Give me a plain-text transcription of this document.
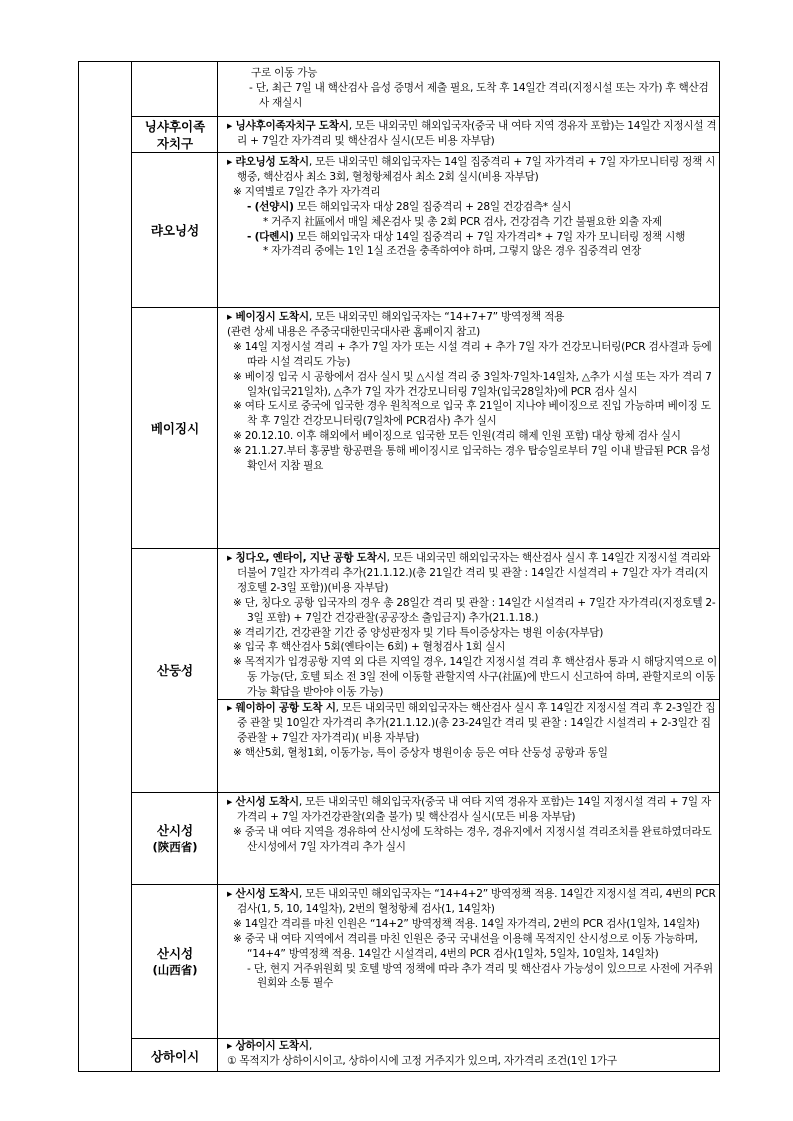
구로 이동 가능

- 단, 최근 7일 내 핵산검사 음성 증명서 제출 필요, 도착 후 14일간 격리(지정시설 또는 자가) 후 핵산검사 재실시

닝샤후이족
자치구

▸ 닝샤후이족자치구 도착시, 모든 내외국민 해외입국자(중국 내 여타 지역 경유자 포함)는 14일간 지정시설 격리 + 7일간 자가격리 및 핵산검사 실시(모든 비용 자부담)

랴오닝성

▸ 랴오닝성 도착시, 모든 내외국민 해외입국자는 14일 집중격리 + 7일 자가격리 + 7일 자가모니터링 정책 시행중, 핵산검사 최소 3회, 혈청항체검사 최소 2회 실시(비용 자부담)

※ 지역별로 7일간 추가 자가격리

- (선양시) 모든 해외입국자 대상 28일 집중격리 + 28일 건강검측* 실시

* 거주지 社區에서 매일 체온검사 및 총 2회 PCR 검사, 건강검측 기간 불필요한 외출 자제

- (다롄시) 모든 해외입국자 대상 14일 집중격리 + 7일 자가격리* + 7일 자가 모니터링 정책 시행

* 자가격리 중에는 1인 1실 조건을 충족하여야 하며, 그렇지 않은 경우 집중격리 연장

베이징시

▸ 베이징시 도착시, 모든 내외국민 해외입국자는 “14+7+7” 방역정책 적용

(관련 상세 내용은 주중국대한민국대사관 홈페이지 참고)

※ 14일 지정시설 격리 + 추가 7일 자가 또는 시설 격리 + 추가 7일 자가 건강모니터링(PCR 검사결과 등에 따라 시설 격리도 가능)

※ 베이징 입국 시 공항에서 검사 실시 및 △시설 격리 중 3일차·7일차·14일차, △추가 시설 또는 자가 격리 7일차(입국21일차), △추가 7일 자가 건강모니터링 7일차(입국28일차)에 PCR 검사 실시

※ 여타 도시로 중국에 입국한 경우 원칙적으로 입국 후 21일이 지나야 베이징으로 진입 가능하며 베이징 도착 후 7일간 건강모니터링(7일차에 PCR검사) 추가 실시

※ 20.12.10. 이후 해외에서 베이징으로 입국한 모든 인원(격리 해제 인원 포함) 대상 항체 검사 실시

※ 21.1.27.부터 홍콩발 항공편을 통해 베이징시로 입국하는 경우 탑승일로부터 7일 이내 발급된 PCR 음성확인서 지참 필요

산둥성

▸ 칭다오, 옌타이, 지난 공항 도착시, 모든 내외국민 해외입국자는 핵산검사 실시 후 14일간 지정시설 격리와 더불어 7일간 자가격리 추가(21.1.12.)(총 21일간 격리 및 관찰 : 14일간 시설격리 + 7일간 자가 격리(지정호텔 2-3일 포함))(비용 자부담)

※ 단, 칭다오 공항 입국자의 경우 총 28일간 격리 및 관찰 : 14일간 시설격리 + 7일간 자가격리(지정호텔 2-3일 포함) + 7일간 건강관찰(공공장소 출입금지) 추가(21.1.18.)

※ 격리기간, 건강관찰 기간 중 양성판정자 및 기타 특이증상자는 병원 이송(자부담)

※ 입국 후 핵산검사 5회(옌타이는 6회) + 혈청검사 1회 실시

※ 목적지가 입경공항 지역 외 다른 지역일 경우, 14일간 지정시설 격리 후 핵산검사 통과 시 해당지역으로 이동 가능(단, 호텔 퇴소 전 3일 전에 이동할 관할지역 사구(社區)에 반드시 신고하여 하며, 관할지로의 이동가능 확답을 받아야 이동 가능)

▸ 웨이하이 공항 도착 시, 모든 내외국민 해외입국자는 핵산검사 실시 후 14일간 지정시설 격리 후 2-3일간 집중 관찰 및 10일간 자가격리 추가(21.1.12.)(총 23-24일간 격리 및 관찰 : 14일간 시설격리 + 2-3일간 집중관찰 + 7일간 자가격리)( 비용 자부담)

※ 핵산5회, 혈청1회, 이동가능, 특이 증상자 병원이송 등은 여타 산둥성 공항과 동일

산시성
(陝西省)

▸ 산시성 도착시, 모든 내외국민 해외입국자(중국 내 여타 지역 경유자 포함)는 14일 지정시설 격리 + 7일 자가격리 + 7일 자가건강관찰(외출 불가) 및 핵산검사 실시(모든 비용 자부담)

※ 중국 내 여타 지역을 경유하여 산시성에 도착하는 경우, 경유지에서 지정시설 격리조치를 완료하였더라도 산시성에서 7일 자가격리 추가 실시

산시성
(山西省)

▸ 산시성 도착시, 모든 내외국민 해외입국자는 “14+4+2” 방역정책 적용. 14일간 지정시설 격리, 4번의 PCR 검사(1, 5, 10, 14일차), 2번의 혈청항체 검사(1, 14일차)

※ 14일간 격리를 마친 인원은 “14+2” 방역정책 적용. 14일 자가격리, 2번의 PCR 검사(1일차, 14일차)

※ 중국 내 여타 지역에서 격리를 마친 인원은 중국 국내선을 이용해 목적지인 산시성으로 이동 가능하며, “14+4” 방역정책 적용. 14일간 시설격리, 4번의 PCR 검사(1일차, 5일차, 10일차, 14일차)

- 단, 현지 거주위원회 및 호텔 방역 정책에 따라 추가 격리 및 핵산검사 가능성이 있으므로 사전에 거주위원회와 소통 필수

상하이시

▸ 상하이시 도착시,

① 목적지가 상하이시이고, 상하이시에 고정 거주지가 있으며, 자가격리 조건(1인 1가구
